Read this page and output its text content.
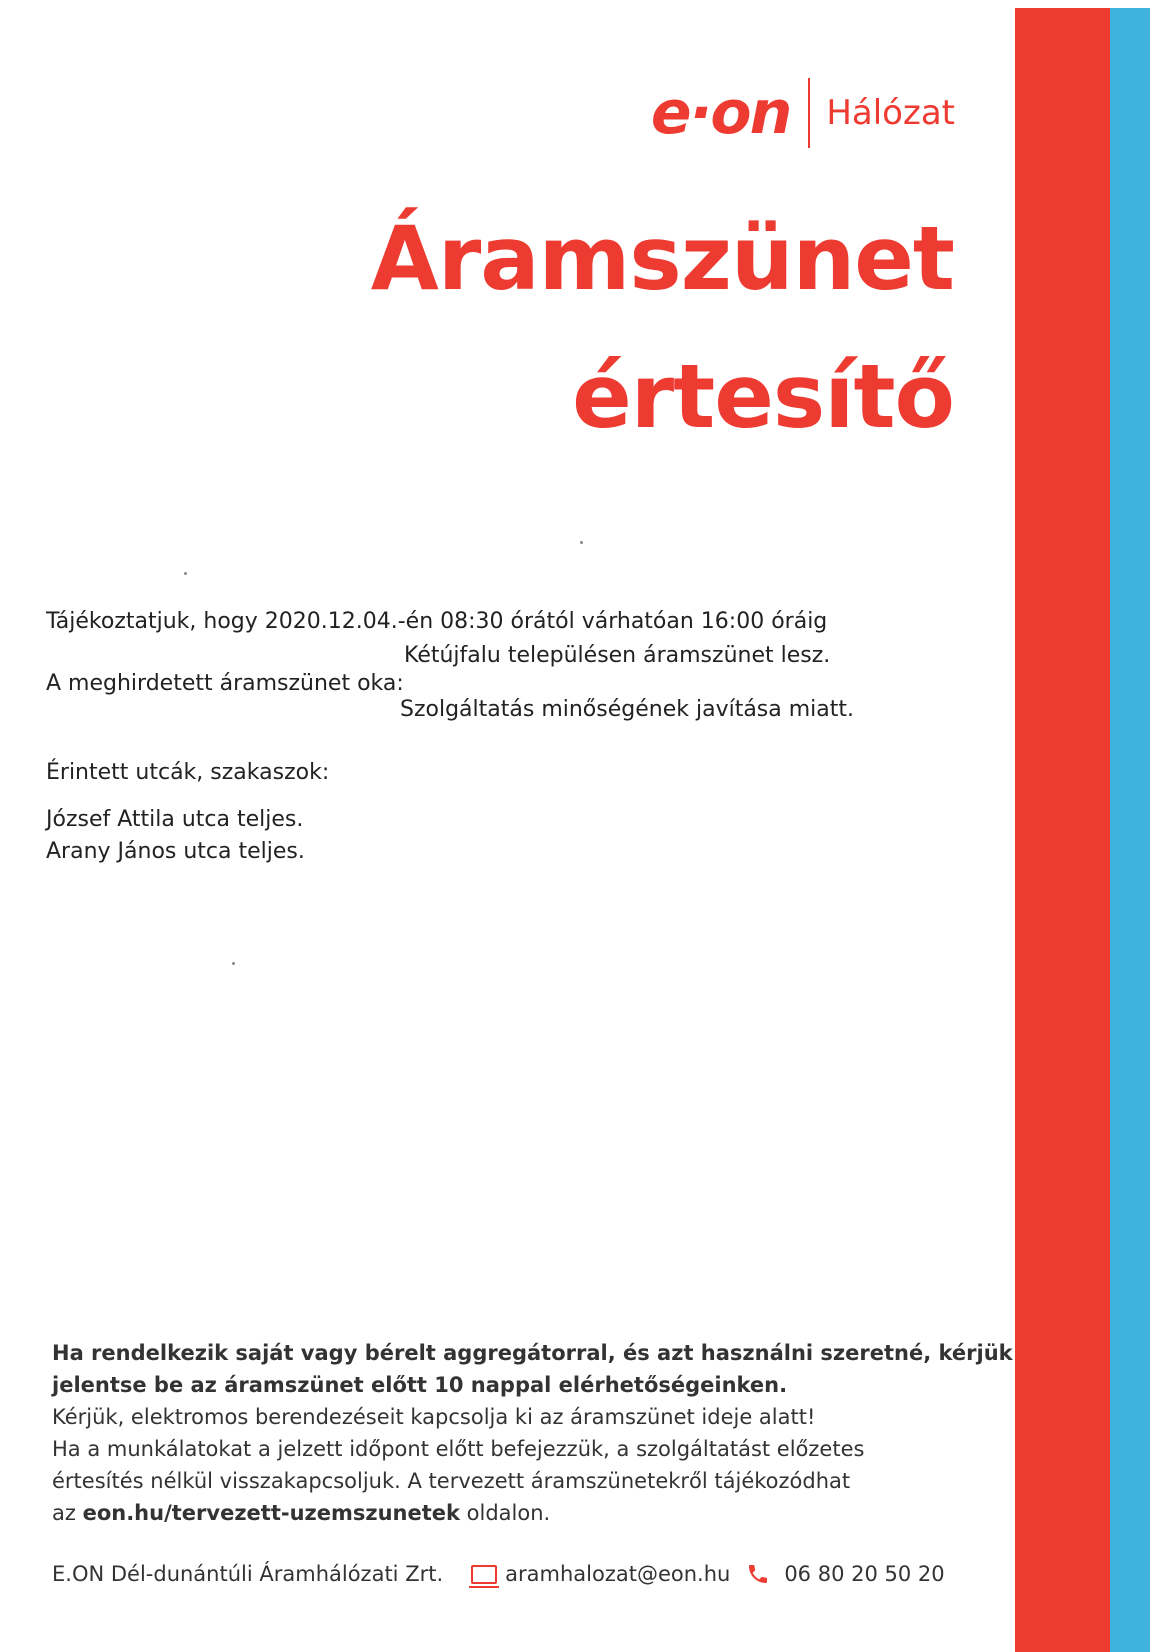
e·on Hálózat
Áramszünet
értesítő
Tájékoztatjuk, hogy 2020.12.04.-én 08:30 órától várhatóan 16:00 óráig
Kétújfalu településen áramszünet lesz.
A meghirdetett áramszünet oka:
Szolgáltatás minőségének javítása miatt.
Érintett utcák, szakaszok:
József Attila utca teljes.
Arany János utca teljes.
Ha rendelkezik saját vagy bérelt aggregátorral, és azt használni szeretné, kérjük
jelentse be az áramszünet előtt 10 nappal elérhetőségeinken.
Kérjük, elektromos berendezéseit kapcsolja ki az áramszünet ideje alatt!
Ha a munkálatokat a jelzett időpont előtt befejezzük, a szolgáltatást előzetes
értesítés nélkül visszakapcsoljuk. A tervezett áramszünetekről tájékozódhat
az eon.hu/tervezett-uzemszunetek oldalon.
E.ON Dél-dunántúli Áramhálózati Zrt.	aramhalozat@eon.hu	06 80 20 50 20
